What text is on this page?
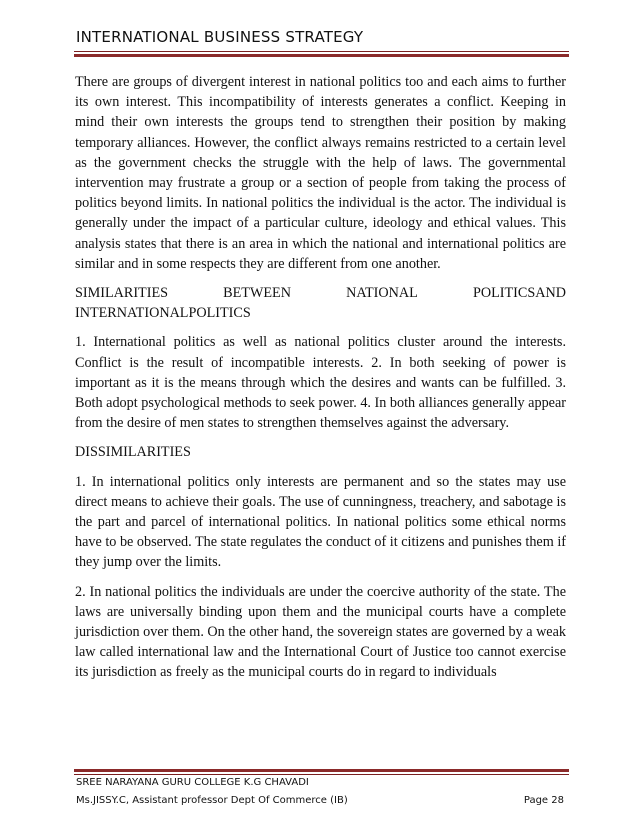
INTERNATIONAL BUSINESS STRATEGY

There are groups of divergent interest in national politics too and each aims to further its own interest. This incompatibility of interests generates a conflict. Keeping in mind their own interests the groups tend to strengthen their position by making temporary alliances. However, the conflict always remains restricted to a certain level as the government checks the struggle with the help of laws. The governmental intervention may frustrate a group or a section of people from taking the process of politics beyond limits. In national politics the individual is the actor. The individual is generally under the impact of a particular culture, ideology and ethical values. This analysis states that there is an area in which the national and international politics are similar and in some respects they are different from one another.

SIMILARITIES	BETWEEN	NATIONAL	POLITICSAND
INTERNATIONALPOLITICS

1. International politics as well as national politics cluster around the interests. Conflict is the result of incompatible interests. 2. In both seeking of power is important as it is the means through which the desires and wants can be fulfilled. 3. Both adopt psychological methods to seek power. 4. In both alliances generally appear from the desire of men states to strengthen themselves against the adversary.

DISSIMILARITIES

1. In international politics only interests are permanent and so the states may use direct means to achieve their goals. The use of cunningness, treachery, and sabotage is the part and parcel of international politics. In national politics some ethical norms have to be observed. The state regulates the conduct of it citizens and punishes them if they jump over the limits.

2. In national politics the individuals are under the coercive authority of the state. The laws are universally binding upon them and the municipal courts have a complete jurisdiction over them. On the other hand, the sovereign states are governed by a weak law called international law and the International Court of Justice too cannot exercise its jurisdiction as freely as the municipal courts do in regard to individuals

SREE NARAYANA GURU COLLEGE K.G CHAVADI
Ms.JISSY.C, Assistant professor Dept Of Commerce (IB)	Page 28
